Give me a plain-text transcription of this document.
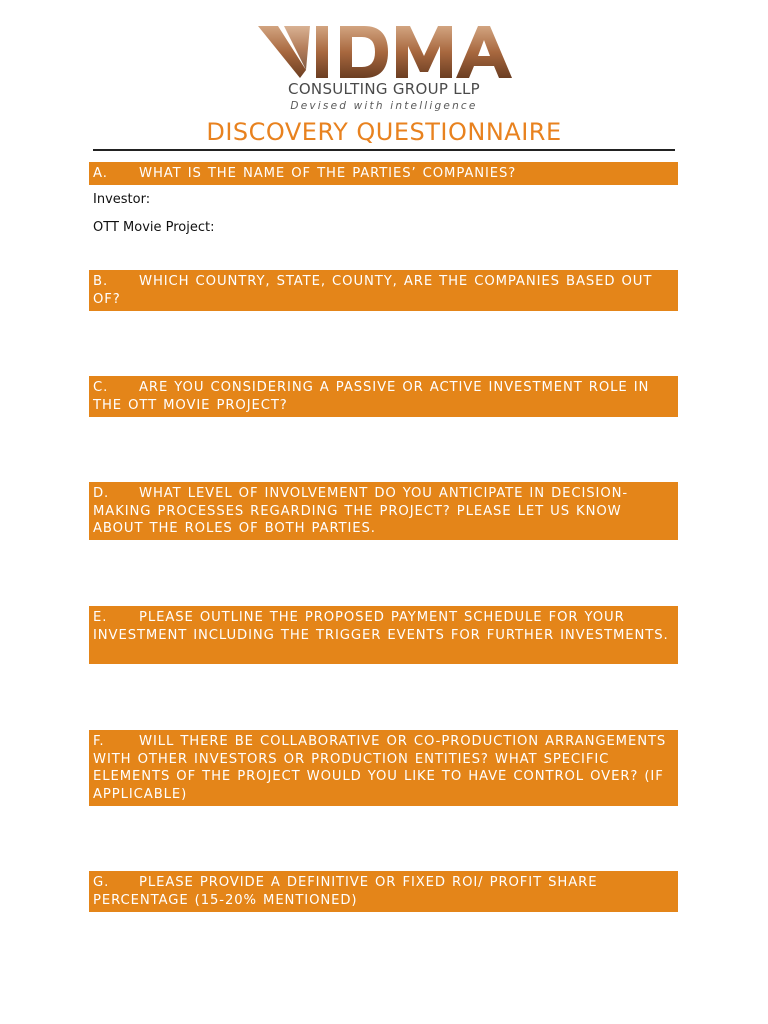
CONSULTING GROUP LLP
Devised with intelligence
DISCOVERY QUESTIONNAIRE
A. WHAT IS THE NAME OF THE PARTIES’ COMPANIES?
Investor:
OTT Movie Project:
B. WHICH COUNTRY, STATE, COUNTY, ARE THE COMPANIES BASED OUT OF?
C. ARE YOU CONSIDERING A PASSIVE OR ACTIVE INVESTMENT ROLE IN THE OTT MOVIE PROJECT?
D. WHAT LEVEL OF INVOLVEMENT DO YOU ANTICIPATE IN DECISION-MAKING PROCESSES REGARDING THE PROJECT? PLEASE LET US KNOW ABOUT THE ROLES OF BOTH PARTIES.
E. PLEASE OUTLINE THE PROPOSED PAYMENT SCHEDULE FOR YOUR INVESTMENT INCLUDING THE TRIGGER EVENTS FOR FURTHER INVESTMENTS.
F.	WILL THERE BE COLLABORATIVE OR CO-PRODUCTION ARRANGEMENTS WITH OTHER INVESTORS OR PRODUCTION ENTITIES? WHAT SPECIFIC ELEMENTS OF THE PROJECT WOULD YOU LIKE TO HAVE CONTROL OVER? (IF APPLICABLE)
G. PLEASE PROVIDE A DEFINITIVE OR FIXED ROI/ PROFIT SHARE PERCENTAGE (15-20% MENTIONED)
